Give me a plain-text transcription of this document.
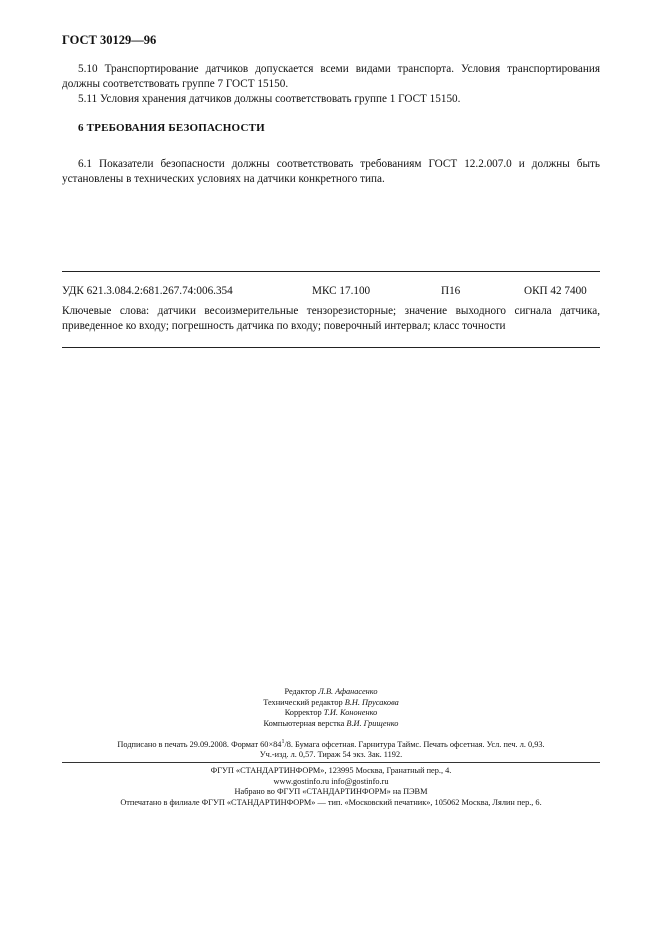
ГОСТ 30129—96
5.10 Транспортирование датчиков допускается всеми видами транспорта. Условия транспортирования должны соответствовать группе 7 ГОСТ 15150.
5.11 Условия хранения датчиков должны соответствовать группе 1 ГОСТ 15150.
6 ТРЕБОВАНИЯ БЕЗОПАСНОСТИ
6.1 Показатели безопасности должны соответствовать требованиям ГОСТ 12.2.007.0 и должны быть установлены в технических условиях на датчики конкретного типа.
УДК 621.3.084.2:681.267.74:006.354	МКС 17.100	П16	ОКП 42 7400
Ключевые слова: датчики весоизмерительные тензорезисторные; значение выходного сигнала датчика, приведенное ко входу; погрешность датчика по входу; поверочный интервал; класс точности
Редактор Л.В. Афанасенко
Технический редактор В.Н. Прусакова
Корректор Т.И. Кононенко
Компьютерная верстка В.И. Грищенко
Подписано в печать 29.09.2008. Формат $60\times 84^1/8$. Бумага офсетная. Гарнитура Таймс. Печать офсетная. Усл. печ. л. 0,93.
Уч.-изд. л. 0,57. Тираж 54 экз. Зак. 1192.
ФГУП «СТАНДАРТИНФОРМ», 123995 Москва, Гранатный пер., 4.
www.gostinfo.ru info@gostinfo.ru
Набрано во ФГУП «СТАНДАРТИНФОРМ» на ПЭВМ
Отпечатано в филиале ФГУП «СТАНДАРТИНФОРМ» — тип. «Московский печатник», 105062 Москва, Лялин пер., 6.
